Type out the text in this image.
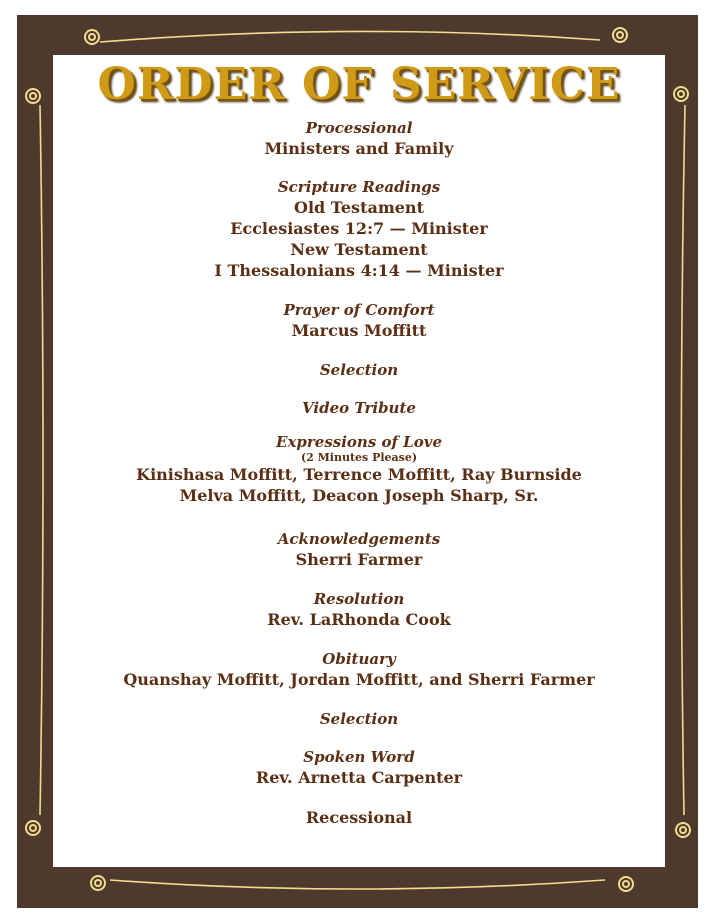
ORDER OF SERVICE
Processional
Ministers and Family
Scripture Readings
Old Testament
Ecclesiastes 12:7 — Minister
New Testament
I Thessalonians 4:14 — Minister
Prayer of Comfort
Marcus Moffitt
Selection
Video Tribute
Expressions of Love
(2 Minutes Please)
Kinishasa Moffitt, Terrence Moffitt, Ray Burnside
Melva Moffitt, Deacon Joseph Sharp, Sr.
Acknowledgements
Sherri Farmer
Resolution
Rev. LaRhonda Cook
Obituary
Quanshay Moffitt, Jordan Moffitt, and Sherri Farmer
Selection
Spoken Word
Rev. Arnetta Carpenter
Recessional
